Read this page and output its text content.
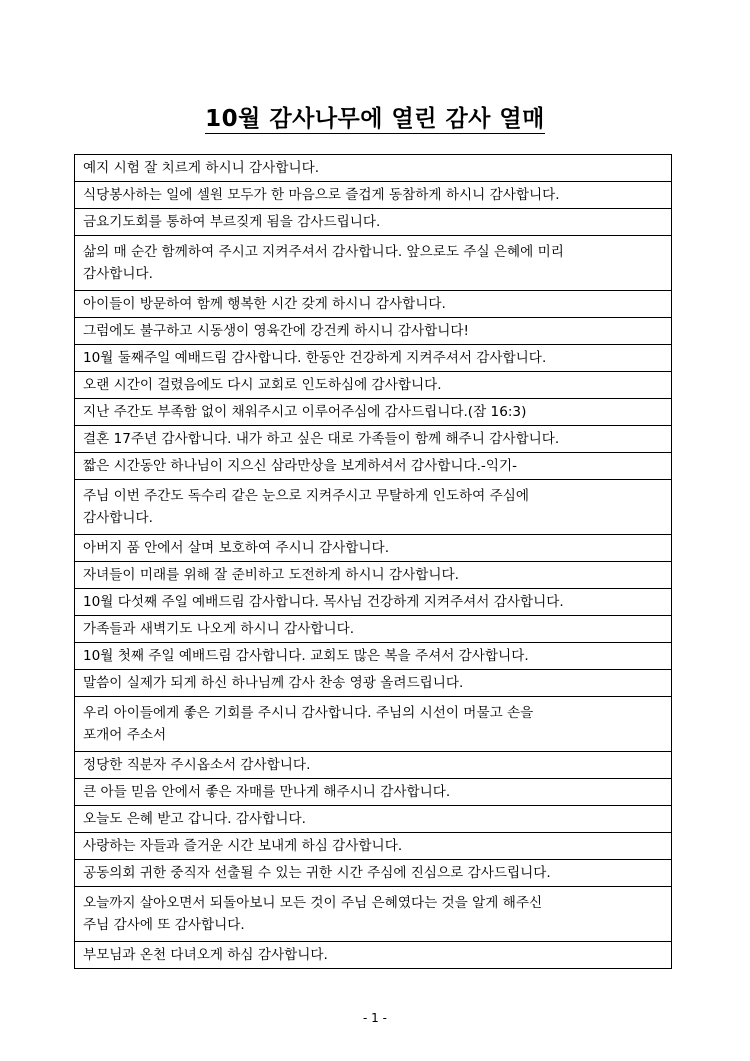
10월 감사나무에 열린 감사 열매
예지 시험 잘 치르게 하시니 감사합니다.
식당봉사하는 일에 셀원 모두가 한 마음으로 즐겁게 동참하게 하시니 감사합니다.
금요기도회를 통하여 부르짖게 됨을 감사드립니다.
삶의 매 순간 함께하여 주시고 지켜주셔서 감사합니다. 앞으로도 주실 은혜에 미리
감사합니다.
아이들이 방문하여 함께 행복한 시간 갖게 하시니 감사합니다.
그럼에도 불구하고 시동생이 영육간에 강건케 하시니 감사합니다!
10월 둘째주일 예배드림 감사합니다. 한동안 건강하게 지켜주셔서 감사합니다.
오랜 시간이 걸렸음에도 다시 교회로 인도하심에 감사합니다.
지난 주간도 부족함 없이 채워주시고 이루어주심에 감사드립니다.(잠 16:3)
결혼 17주년 감사합니다. 내가 하고 싶은 대로 가족들이 함께 해주니 감사합니다.
짧은 시간동안 하나님이 지으신 삼라만상을 보게하셔서 감사합니다.-익기-
주님 이번 주간도 독수리 같은 눈으로 지켜주시고 무탈하게 인도하여 주심에
감사합니다.
아버지 품 안에서 살며 보호하여 주시니 감사합니다.
자녀들이 미래를 위해 잘 준비하고 도전하게 하시니 감사합니다.
10월 다섯째 주일 예배드림 감사합니다. 목사님 건강하게 지켜주셔서 감사합니다.
가족들과 새벽기도 나오게 하시니 감사합니다.
10월 첫째 주일 예배드림 감사합니다. 교회도 많은 복을 주셔서 감사합니다.
말씀이 실제가 되게 하신 하나님께 감사 찬송 영광 올려드립니다.
우리 아이들에게 좋은 기회를 주시니 감사합니다. 주님의 시선이 머물고 손을
포개어 주소서
정당한 직분자 주시옵소서 감사합니다.
큰 아들 믿음 안에서 좋은 자매를 만나게 해주시니 감사합니다.
오늘도 은혜 받고 갑니다. 감사합니다.
사랑하는 자들과 즐거운 시간 보내게 하심 감사합니다.
공동의회 귀한 중직자 선출될 수 있는 귀한 시간 주심에 진심으로 감사드립니다.
오늘까지 살아오면서 되돌아보니 모든 것이 주님 은혜였다는 것을 알게 해주신
주님 감사에 또 감사합니다.
부모님과 온천 다녀오게 하심 감사합니다.
- 1 -
